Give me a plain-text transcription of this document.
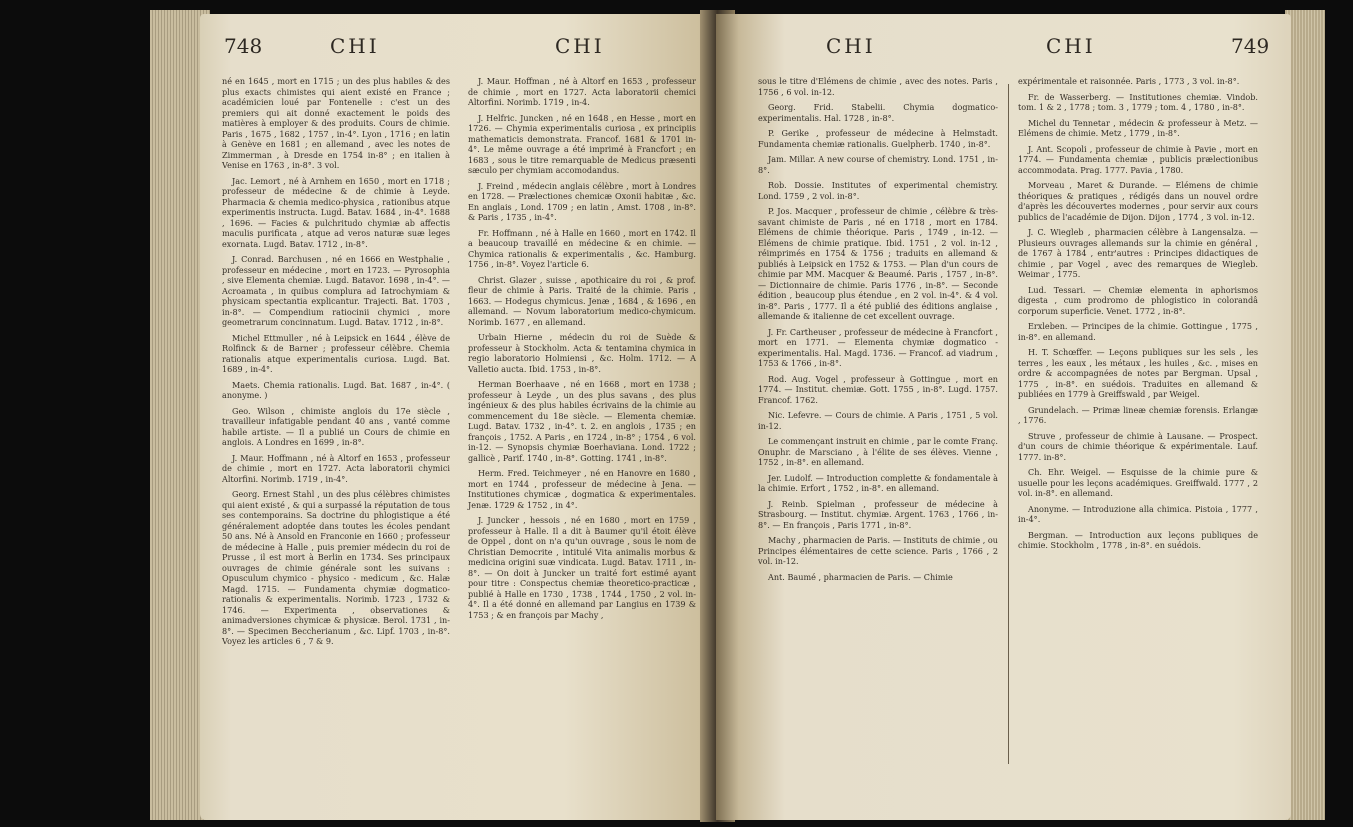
748	CHI	CHI

né en 1645 , mort en 1715 ; un des plus habiles & des plus exacts chimistes qui aient existé en France ; académicien loué par Fontenelle : c'est un des premiers qui ait donné exactement le poids des matières à employer & des produits. Cours de chimie. Paris , 1675 , 1682 , 1757 , in-4°. Lyon , 1716 ; en latin à Genève en 1681 ; en allemand , avec les notes de Zimmerman , à Dresde en 1754 in-8° ; en italien à Venise en 1763 , in-8°. 3 vol.

Jac. Lemort , né à Arnhem en 1650 , mort en 1718 ; professeur de médecine & de chimie à Leyde. Pharmacia & chemia medico-physica , rationibus atque experimentis instructa. Lugd. Batav. 1684 , in-4°. 1688 , 1696. — Facies & pulchritudo chymiæ ab affectis maculis purificata , atque ad veros naturæ suæ leges exornata. Lugd. Batav. 1712 , in-8°.

J. Conrad. Barchusen , né en 1666 en Westphalie , professeur en médecine , mort en 1723. — Pyrosophia , sive Elementa chemiæ. Lugd. Batavor. 1698 , in-4°. — Acroamata , in quibus complura ad Iatrochymiam & physicam spectantia explicantur. Trajecti. Bat. 1703 , in-8°. — Compendium ratiocinii chymici , more geometrarum concinnatum. Lugd. Batav. 1712 , in-8°.

Michel Ettmuller , né à Leipsick en 1644 , élève de Rolfinck & de Barner ; professeur célèbre. Chemia rationalis atque experimentalis curiosa. Lugd. Bat. 1689 , in-4°.

Maets. Chemia rationalis. Lugd. Bat. 1687 , in-4°. ( anonyme. )

Geo. Wilson , chimiste anglois du 17e siècle , travailleur infatigable pendant 40 ans , vanté comme habile artiste. — Il a publié un Cours de chimie en anglois. A Londres en 1699 , in-8°.

J. Maur. Hoffmann , né à Altorf en 1653 , professeur de chimie , mort en 1727. Acta laboratorii chymici Altorfini. Norimb. 1719 , in-4°.

Georg. Ernest Stahl , un des plus célèbres chimistes qui aient existé , & qui a surpassé la réputation de tous ses contemporains. Sa doctrine du phlogistique a été généralement adoptée dans toutes les écoles pendant 50 ans. Né à Ansold en Franconie en 1660 ; professeur de médecine à Halle , puis premier médecin du roi de Prusse , il est mort à Berlin en 1734. Ses principaux ouvrages de chimie générale sont les suivans : Opusculum chymico - physico - medicum , &c. Halæ Magd. 1715. — Fundamenta chymiæ dogmatico-rationalis & experimentalis. Norimb. 1723 , 1732 & 1746. — Experimenta , observationes & animadversiones chymicæ & physicæ. Berol. 1731 , in-8°. — Specimen Beccherianum , &c. Lipf. 1703 , in-8°. Voyez les articles 6 , 7 & 9.

J. Maur. Hoffman , né à Altorf en 1653 , professeur de chimie , mort en 1727. Acta laboratorii chemici Altorfini. Norimb. 1719 , in-4.

J. Helfric. Juncken , né en 1648 , en Hesse , mort en 1726. — Chymia experimentalis curiosa , ex principiis mathematicis demonstrata. Francof. 1681 & 1701 in-4°. Le même ouvrage a été imprimé à Francfort ; en 1683 , sous le titre remarquable de Medicus præsenti sæculo per chymiam accomodandus.

J. Freind , médecin anglais célèbre , mort à Londres en 1728. — Prælectiones chemicæ Oxonii habitæ , &c. En anglais , Lond. 1709 ; en latin , Amst. 1708 , in-8°. & Paris , 1735 , in-4°.

Fr. Hoffmann , né à Halle en 1660 , mort en 1742. Il a beaucoup travaillé en médecine & en chimie. — Chymica rationalis & experimentalis , &c. Hamburg. 1756 , in-8°. Voyez l'article 6.

Christ. Glazer , suisse , apothicaire du roi , & prof. fleur de chimie à Paris. Traité de la chimie. Paris , 1663. — Hodegus chymicus. Jenæ , 1684 , & 1696 , en allemand. — Novum laboratorium medico-chymicum. Norimb. 1677 , en allemand.

Urbain Hierne , médecin du roi de Suède & professeur à Stockholm. Acta & tentamina chymica in regio laboratorio Holmiensi , &c. Holm. 1712. — A Valletio aucta. Ibid. 1753 , in-8°.

Herman Boerhaave , né en 1668 , mort en 1738 ; professeur à Leyde , un des plus savans , des plus ingénieux & des plus habiles écrivains de la chimie au commencement du 18e siècle. — Elementa chemiæ. Lugd. Batav. 1732 , in-4°. t. 2. en anglois , 1735 ; en françois , 1752. A Paris , en 1724 , in-8° ; 1754 , 6 vol. in-12. — Synopsis chymiæ Boerhaviana. Lond. 1722 ; gallicè , Parif. 1740 , in-8°. Gotting. 1741 , in-8°.

Herm. Fred. Teichmeyer , né en Hanovre en 1680 , mort en 1744 , professeur de médecine à Jena. — Institutiones chymicæ , dogmatica & experimentales. Jenæ. 1729 & 1752 , in 4°.

J. Juncker , hessois , né en 1680 , mort en 1759 , professeur à Halle. Il a dit à Baumer qu'il étoit élève de Oppel , dont on n'a qu'un ouvrage , sous le nom de Christian Democrite , intitulé Vita animalis morbus & medicina origini suæ vindicata. Lugd. Batav. 1711 , in-8°. — On doit à Juncker un traité fort estimé ayant pour titre : Conspectus chemiæ theoretico-practicæ , publié à Halle en 1730 , 1738 , 1744 , 1750 , 2 vol. in-4°. Il a été donné en allemand par Langius en 1739 & 1753 ; & en françois par Machy ,

CHI	CHI	749

sous le titre d'Elémens de chimie , avec des notes. Paris , 1756 , 6 vol. in-12.

Georg. Frid. Stabelii. Chymia dogmatico-experimentalis. Hal. 1728 , in-8°.

P. Gerike , professeur de médecine à Helmstadt. Fundamenta chemiæ rationalis. Guelpherb. 1740 , in-8°.

Jam. Millar. A new course of chemistry. Lond. 1751 , in-8°.

Rob. Dossie. Institutes of experimental chemistry. Lond. 1759 , 2 vol. in-8°.

P. Jos. Macquer , professeur de chimie , célèbre & très-savant chimiste de Paris , né en 1718 , mort en 1784. Elémens de chimie théorique. Paris , 1749 , in-12. — Elémens de chimie pratique. Ibid. 1751 , 2 vol. in-12 , réimprimés en 1754 & 1756 ; traduits en allemand & publiés à Leipsick en 1752 & 1753. — Plan d'un cours de chimie par MM. Macquer & Beaumé. Paris , 1757 , in-8°. — Dictionnaire de chimie. Paris 1776 , in-8°. — Seconde édition , beaucoup plus étendue , en 2 vol. in-4°. & 4 vol. in-8°. Paris , 1777. Il a été publié des éditions anglaise , allemande & italienne de cet excellent ouvrage.

J. Fr. Cartheuser , professeur de médecine à Francfort , mort en 1771. — Elementa chymiæ dogmatico - experimentalis. Hal. Magd. 1736. — Francof. ad viadrum , 1753 & 1766 , in-8°.

Rod. Aug. Vogel , professeur à Gottingue , mort en 1774. — Institut. chemiæ. Gott. 1755 , in-8°. Lugd. 1757. Francof. 1762.

Nic. Lefevre. — Cours de chimie. A Paris , 1751 , 5 vol. in-12.

Le commençant instruit en chimie , par le comte Franç. Onuphr. de Marsciano , à l'élite de ses élèves. Vienne , 1752 , in-8°. en allemand.

Jer. Ludolf. — Introduction complette & fondamentale à la chimie. Erfort , 1752 , in-8°. en allemand.

J. Reinb. Spielman , professeur de médecine à Strasbourg. — Institut. chymiæ. Argent. 1763 , 1766 , in-8°. — En françois , Paris 1771 , in-8°.

Machy , pharmacien de Paris. — Instituts de chimie , ou Principes élémentaires de cette science. Paris , 1766 , 2 vol. in-12.

Ant. Baumé , pharmacien de Paris. — Chimie

expérimentale et raisonnée. Paris , 1773 , 3 vol. in-8°.

Fr. de Wasserberg. — Institutiones chemiæ. Vindob. tom. 1 & 2 , 1778 ; tom. 3 , 1779 ; tom. 4 , 1780 , in-8°.

Michel du Tennetar , médecin & professeur à Metz. — Elémens de chimie. Metz , 1779 , in-8°.

J. Ant. Scopoli , professeur de chimie à Pavie , mort en 1774. — Fundamenta chemiæ , publicis prælectionibus accommodata. Prag. 1777. Pavia , 1780.

Morveau , Maret & Durande. — Elémens de chimie théoriques & pratiques , rédigés dans un nouvel ordre d'après les découvertes modernes , pour servir aux cours publics de l'académie de Dijon. Dijon , 1774 , 3 vol. in-12.

J. C. Wiegleb , pharmacien célèbre à Langensalza. — Plusieurs ouvrages allemands sur la chimie en général , de 1767 à 1784 , entr'autres : Principes didactiques de chimie , par Vogel , avec des remarques de Wiegleb. Weimar , 1775.

Lud. Tessari. — Chemiæ elementa in aphorismos digesta , cum prodromo de phlogistico in colorandâ corporum superficie. Venet. 1772 , in-8°.

Erxleben. — Principes de la chimie. Gottingue , 1775 , in-8°. en allemand.

H. T. Schœffer. — Leçons publiques sur les sels , les terres , les eaux , les métaux , les huiles , &c. , mises en ordre & accompagnées de notes par Bergman. Upsal , 1775 , in-8°. en suédois. Traduites en allemand & publiées en 1779 à Greiffswald , par Weigel.

Grundelach. — Primæ lineæ chemiæ forensis. Erlangæ , 1776.

Struve , professeur de chimie à Lausane. — Prospect. d'un cours de chimie théorique & expérimentale. Lauf. 1777. in-8°.

Ch. Ehr. Weigel. — Esquisse de la chimie pure & usuelle pour les leçons académiques. Greiffwald. 1777 , 2 vol. in-8°. en allemand.

Anonyme. — Introduzione alla chimica. Pistoia , 1777 , in-4°.

Bergman. — Introduction aux leçons publiques de chimie. Stockholm , 1778 , in-8°. en suédois.
